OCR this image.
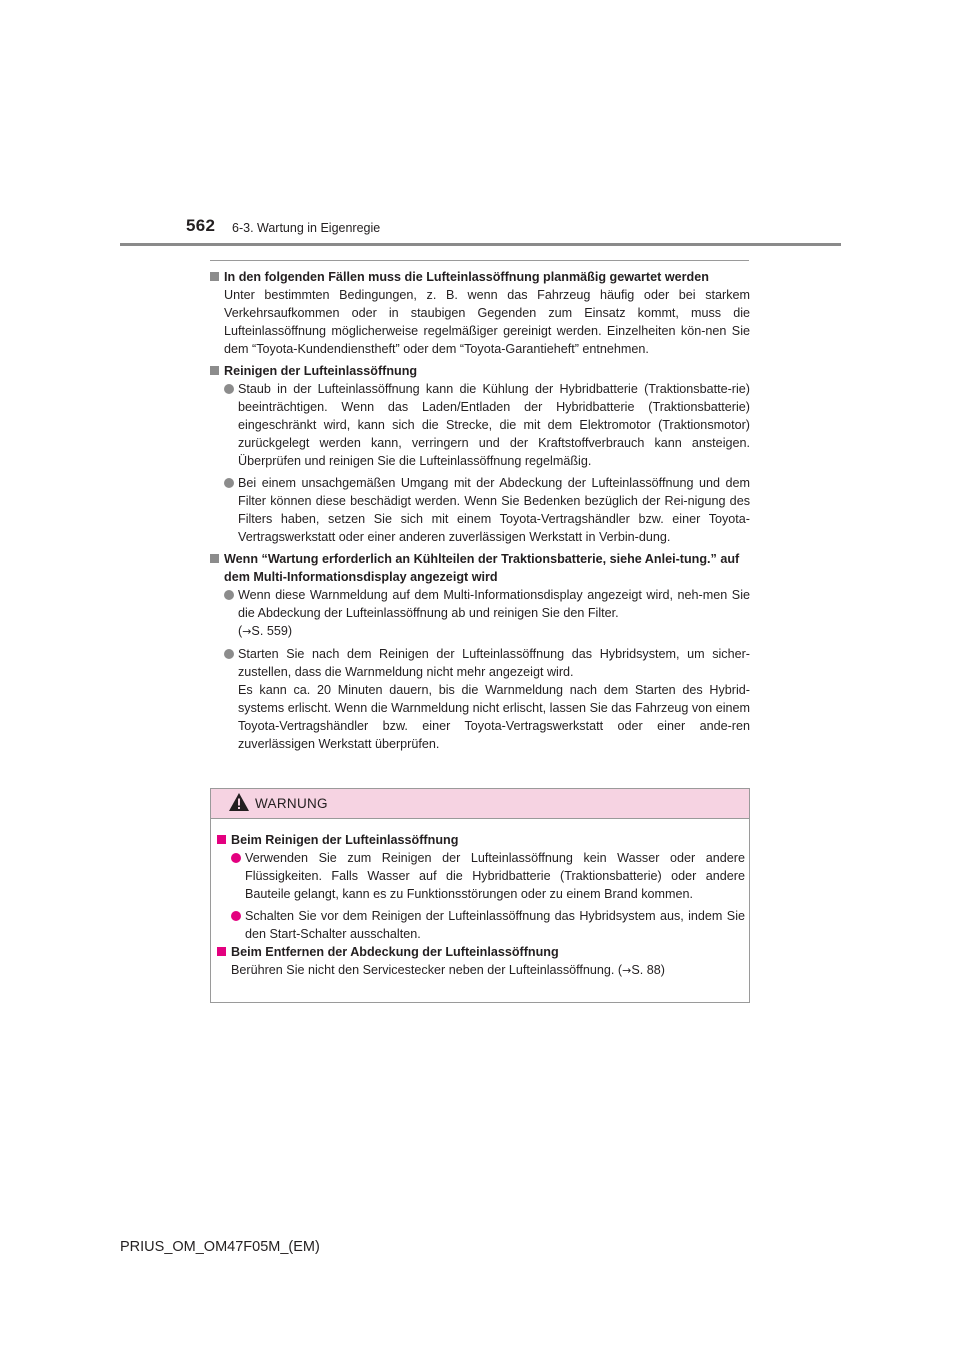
562 6-3. Wartung in Eigenregie
In den folgenden Fällen muss die Lufteinlassöffnung planmäßig gewartet werden
Unter bestimmten Bedingungen, z. B. wenn das Fahrzeug häufig oder bei starkem Verkehrsaufkommen oder in staubigen Gegenden zum Einsatz kommt, muss die Lufteinlassöffnung möglicherweise regelmäßiger gereinigt werden. Einzelheiten kön-nen Sie dem “Toyota-Kundendienstheft” oder dem “Toyota-Garantieheft” entnehmen.
Reinigen der Lufteinlassöffnung
Staub in der Lufteinlassöffnung kann die Kühlung der Hybridbatterie (Traktionsbatte-rie) beeinträchtigen. Wenn das Laden/Entladen der Hybridbatterie (Traktionsbatterie) eingeschränkt wird, kann sich die Strecke, die mit dem Elektromotor (Traktionsmotor) zurückgelegt werden kann, verringern und der Kraftstoffverbrauch kann ansteigen. Überprüfen und reinigen Sie die Lufteinlassöffnung regelmäßig.
Bei einem unsachgemäßen Umgang mit der Abdeckung der Lufteinlassöffnung und dem Filter können diese beschädigt werden. Wenn Sie Bedenken bezüglich der Rei-nigung des Filters haben, setzen Sie sich mit einem Toyota-Vertragshändler bzw. einer Toyota-Vertragswerkstatt oder einer anderen zuverlässigen Werkstatt in Verbin-dung.
Wenn “Wartung erforderlich an Kühlteilen der Traktionsbatterie, siehe Anlei-tung.” auf dem Multi-Informationsdisplay angezeigt wird
Wenn diese Warnmeldung auf dem Multi-Informationsdisplay angezeigt wird, neh-men Sie die Abdeckung der Lufteinlassöffnung ab und reinigen Sie den Filter.
(→S. 559)
Starten Sie nach dem Reinigen der Lufteinlassöffnung das Hybridsystem, um sicher-zustellen, dass die Warnmeldung nicht mehr angezeigt wird.
Es kann ca. 20 Minuten dauern, bis die Warnmeldung nach dem Starten des Hybrid-systems erlischt. Wenn die Warnmeldung nicht erlischt, lassen Sie das Fahrzeug von einem Toyota-Vertragshändler bzw. einer Toyota-Vertragswerkstatt oder einer ande-ren zuverlässigen Werkstatt überprüfen.
WARNUNG
Beim Reinigen der Lufteinlassöffnung
Verwenden Sie zum Reinigen der Lufteinlassöffnung kein Wasser oder andere Flüssigkeiten. Falls Wasser auf die Hybridbatterie (Traktionsbatterie) oder andere Bauteile gelangt, kann es zu Funktionsstörungen oder zu einem Brand kommen.
Schalten Sie vor dem Reinigen der Lufteinlassöffnung das Hybridsystem aus, indem Sie den Start-Schalter ausschalten.
Beim Entfernen der Abdeckung der Lufteinlassöffnung
Berühren Sie nicht den Servicestecker neben der Lufteinlassöffnung. (→S. 88)
PRIUS_OM_OM47F05M_(EM)
